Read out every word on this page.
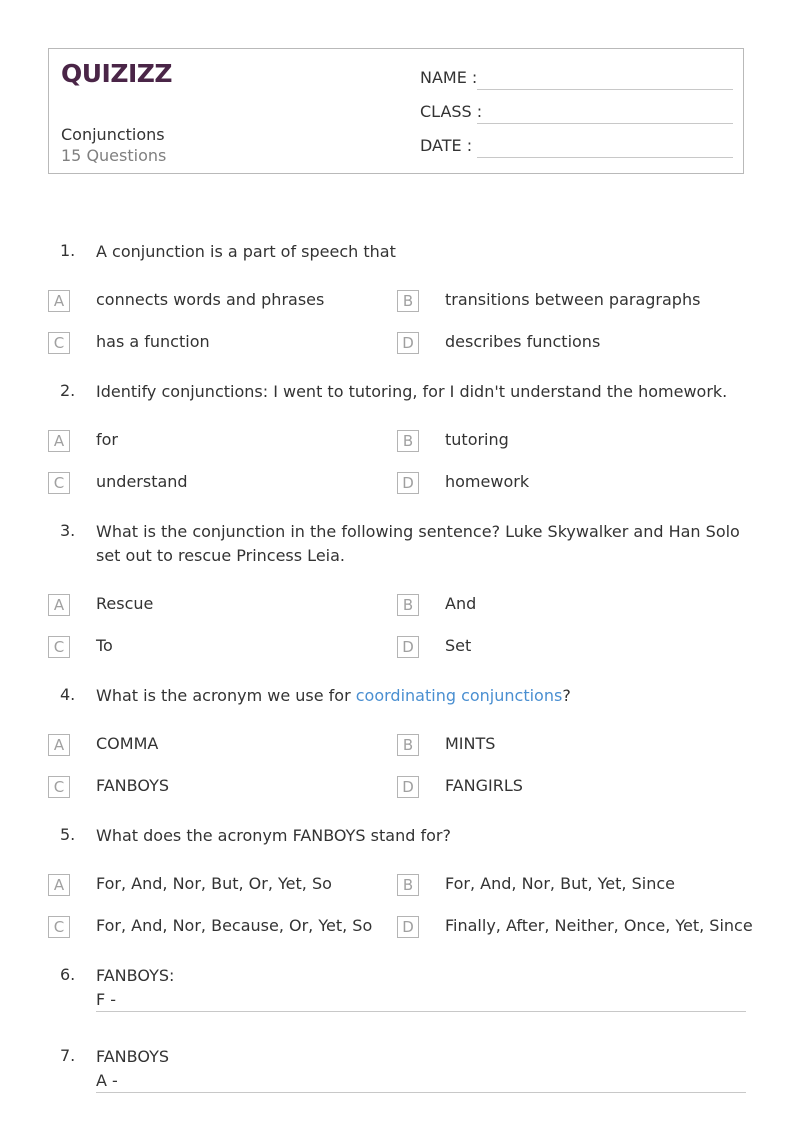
QUIZIZZ
Conjunctions
15 Questions
NAME :
CLASS :
DATE :
1. A conjunction is a part of speech that
A	connects words and phrases	B	transitions between paragraphs
C	has a function	D	describes functions
2. Identify conjunctions: I went to tutoring, for I didn't understand the homework.
A	for	B	tutoring
C	understand	D	homework
3. What is the conjunction in the following sentence? Luke Skywalker and Han Solo set out to rescue Princess Leia.
A	Rescue	B	And
C	To	D	Set
4. What is the acronym we use for coordinating conjunctions?
A	COMMA	B	MINTS
C	FANBOYS	D	FANGIRLS
5. What does the acronym FANBOYS stand for?
A	For, And, Nor, But, Or, Yet, So	B	For, And, Nor, But, Yet, Since
C	For, And, Nor, Because, Or, Yet, So	D	Finally, After, Neither, Once, Yet, Since
6. FANBOYS:
F -
7. FANBOYS
A -
